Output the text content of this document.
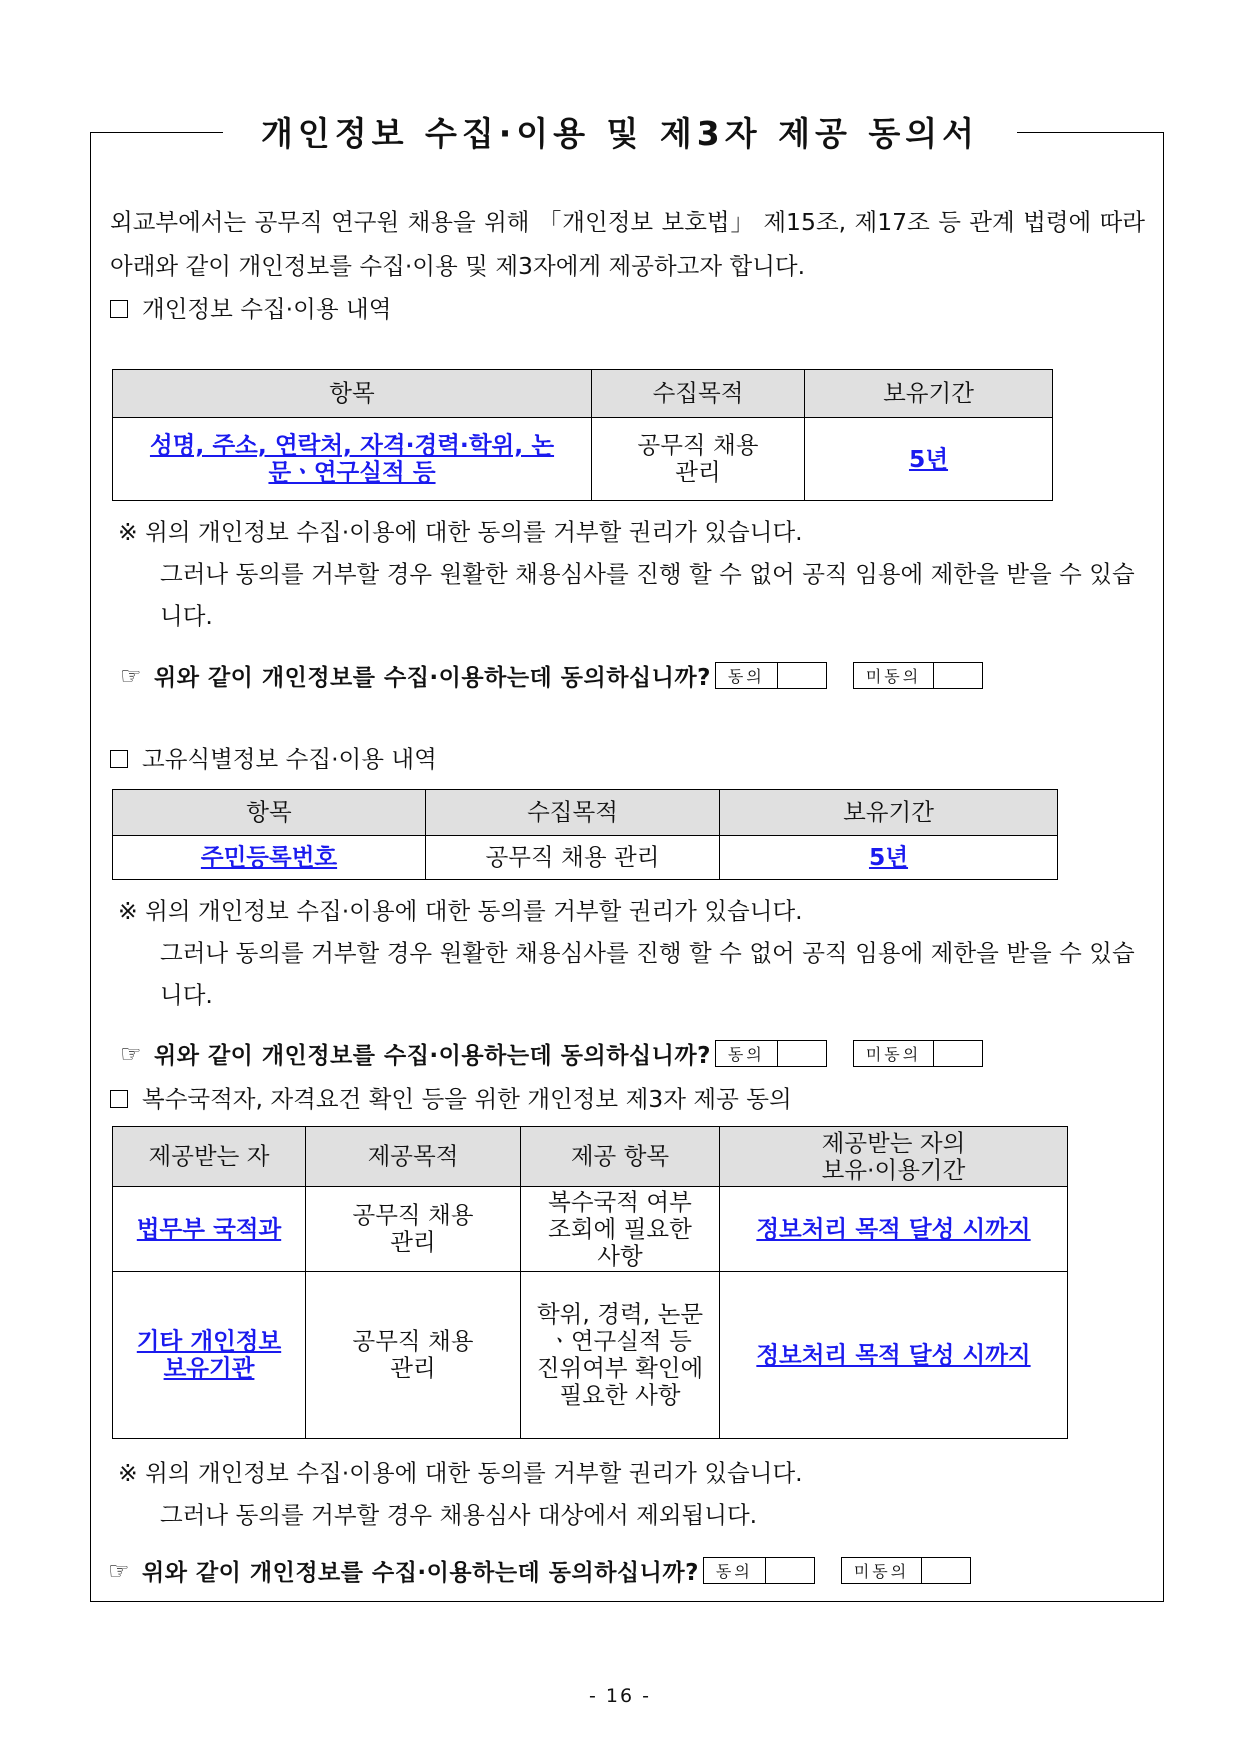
개인정보 수집·이용 및 제3자 제공 동의서
외교부에서는 공무직 연구원 채용을 위해 「개인정보 보호법」 제15조, 제17조 등 관계 법령에 따라 아래와 같이 개인정보를 수집·이용 및 제3자에게 제공하고자 합니다.
개인정보 수집·이용 내역
항목	수집목적	보유기간
성명, 주소, 연락처, 자격·경력·학위, 논문ㆍ연구실적 등	공무직 채용 관리	5년
※ 위의 개인정보 수집·이용에 대한 동의를 거부할 권리가 있습니다.
그러나 동의를 거부할 경우 원활한 채용심사를 진행 할 수 없어 공직 임용에 제한을 받을 수 있습니다.
☞ 위와 같이 개인정보를 수집·이용하는데 동의하십니까?	동의	미동의
고유식별정보 수집·이용 내역
항목	수집목적	보유기간
주민등록번호	공무직 채용 관리	5년
※ 위의 개인정보 수집·이용에 대한 동의를 거부할 권리가 있습니다.
그러나 동의를 거부할 경우 원활한 채용심사를 진행 할 수 없어 공직 임용에 제한을 받을 수 있습니다.
☞ 위와 같이 개인정보를 수집·이용하는데 동의하십니까?	동의	미동의
복수국적자, 자격요건 확인 등을 위한 개인정보 제3자 제공 동의
제공받는 자	제공목적	제공 항목	제공받는 자의 보유·이용기간
법무부 국적과	공무직 채용 관리	복수국적 여부 조회에 필요한 사항	정보처리 목적 달성 시까지
기타 개인정보 보유기관	공무직 채용 관리	학위, 경력, 논문ㆍ연구실적 등 진위여부 확인에 필요한 사항	정보처리 목적 달성 시까지
※ 위의 개인정보 수집·이용에 대한 동의를 거부할 권리가 있습니다.
그러나 동의를 거부할 경우 채용심사 대상에서 제외됩니다.
☞ 위와 같이 개인정보를 수집·이용하는데 동의하십니까?	동의	미동의
- 16 -
